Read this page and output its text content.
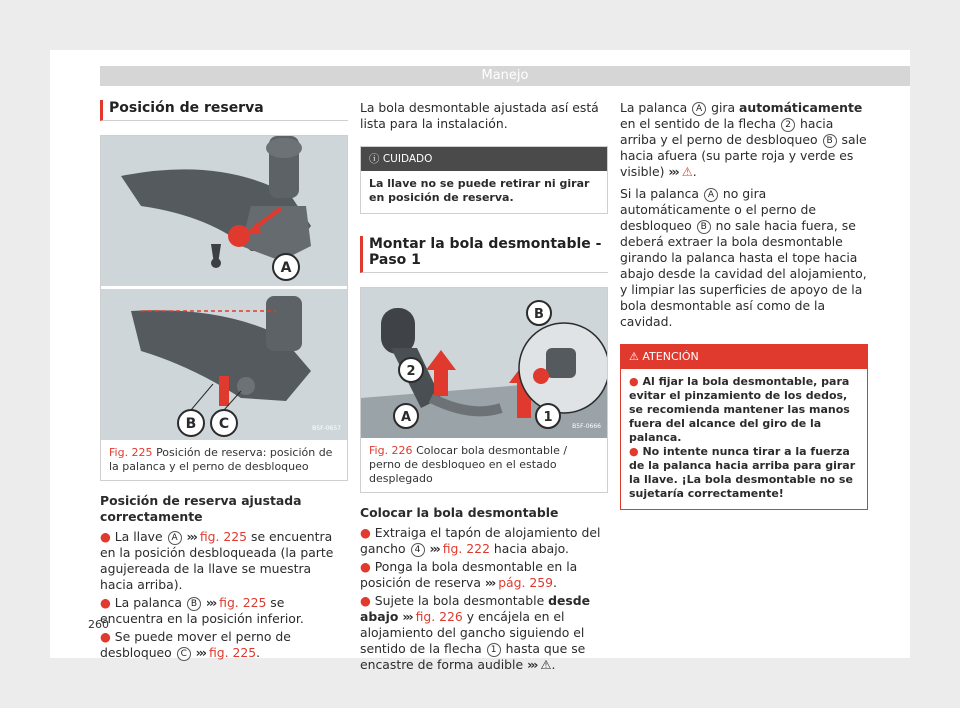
Manejo
Posición de reserva
A
B C	B5F-0657
Fig. 225 Posición de reserva: posición de la palanca y el perno de desbloqueo
Posición de reserva ajustada correctamente
● La llave A ››› fig. 225 se encuentra en la posición desbloqueada (la parte agujereada de la llave se muestra hacia arriba).
● La palanca B ››› fig. 225 se encuentra en la posición inferior.
● Se puede mover el perno de desbloqueo C ››› fig. 225.
La bola desmontable ajustada así está lista para la instalación.
ⓘ CUIDADO
La llave no se puede retirar ni girar en posición de reserva.
Montar la bola desmontable - Paso 1
B
2
A	1
B5F-0666
Fig. 226 Colocar bola desmontable / perno de desbloqueo en el estado desplegado
Colocar la bola desmontable
● Extraiga el tapón de alojamiento del gancho 4 ››› fig. 222 hacia abajo.
● Ponga la bola desmontable en la posición de reserva ››› pág. 259.
● Sujete la bola desmontable desde abajo ››› fig. 226 y encájela en el alojamiento del gancho siguiendo el sentido de la flecha 1 hasta que se encastre de forma audible ››› ⚠.
La palanca A gira automáticamente en el sentido de la flecha 2 hacia arriba y el perno de desbloqueo B sale hacia afuera (su parte roja y verde es visible) ››› ⚠.
Si la palanca A no gira automáticamente o el perno de desbloqueo B no sale hacia fuera, se deberá extraer la bola desmontable girando la palanca hasta el tope hacia abajo desde la cavidad del alojamiento, y limpiar las superficies de apoyo de la bola desmontable así como de la cavidad.
⚠ ATENCIÓN
● Al fijar la bola desmontable, para evitar el pinzamiento de los dedos, se recomienda mantener las manos fuera del alcance del giro de la palanca.
● No intente nunca tirar a la fuerza de la palanca hacia arriba para girar la llave. ¡La bola desmontable no se sujetaría correctamente!
260
